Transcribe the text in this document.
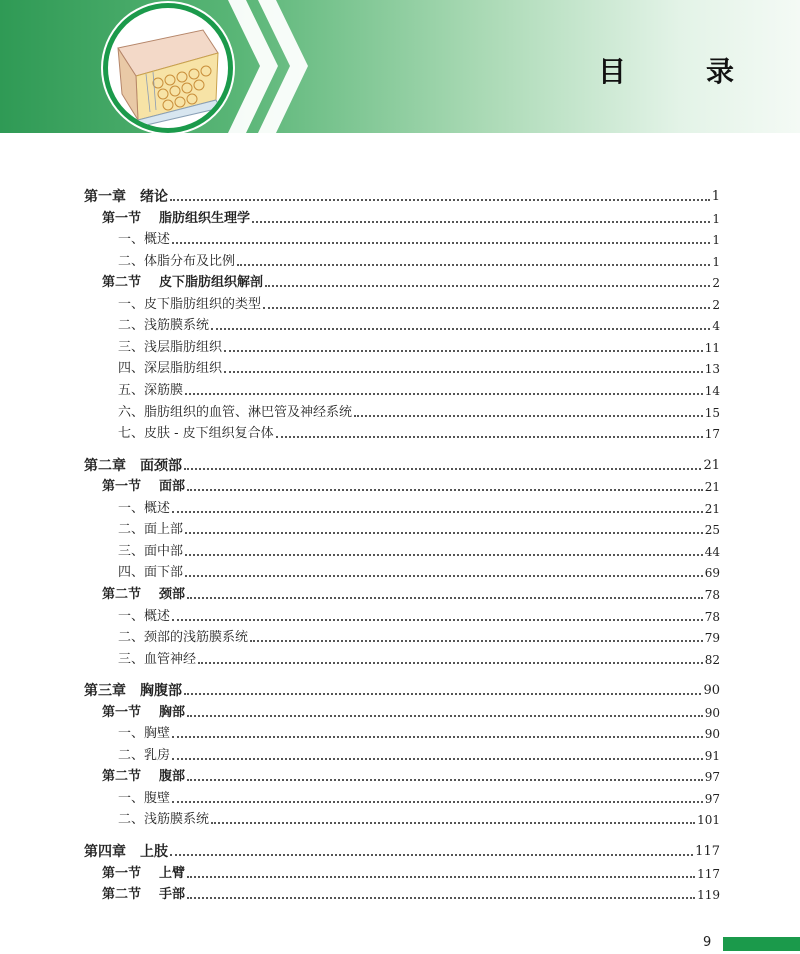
目　录
第一章 绪论	1
第一节 脂肪组织生理学	1
一、概述	1
二、体脂分布及比例	1
第二节 皮下脂肪组织解剖	2
一、皮下脂肪组织的类型	2
二、浅筋膜系统	4
三、浅层脂肪组织	11
四、深层脂肪组织	13
五、深筋膜	14
六、脂肪组织的血管、淋巴管及神经系统	15
七、皮肤 - 皮下组织复合体	17
第二章 面颈部	21
第一节 面部	21
一、概述	21
二、面上部	25
三、面中部	44
四、面下部	69
第二节 颈部	78
一、概述	78
二、颈部的浅筋膜系统	79
三、血管神经	82
第三章 胸腹部	90
第一节 胸部	90
一、胸壁	90
二、乳房	91
第二节 腹部	97
一、腹壁	97
二、浅筋膜系统	101
第四章 上肢	117
第一节 上臂	117
第二节 手部	119
9
